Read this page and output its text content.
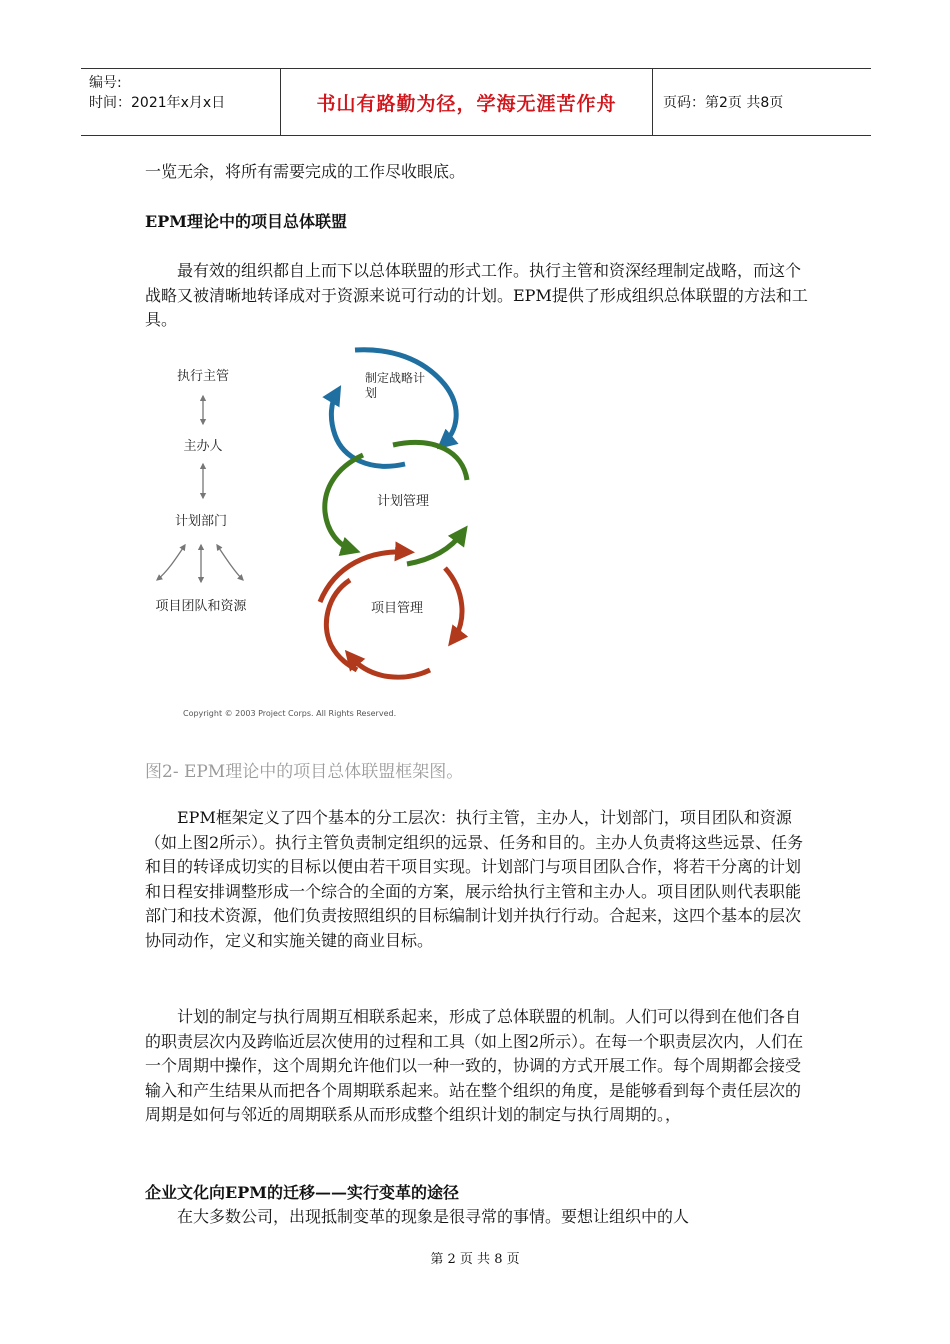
编号:
时间：2021年x月x日	书山有路勤为径，学海无涯苦作舟	页码：第2页 共8页

一览无余，将所有需要完成的工作尽收眼底。

EPM理论中的项目总体联盟

最有效的组织都自上而下以总体联盟的形式工作。执行主管和资深经理制定战略，而这个战略又被清晰地转译成对于资源来说可行动的计划。EPM提供了形成组织总体联盟的方法和工具。

执行主管
主办人
计划部门
项目团队和资源
制定战略计
划
计划管理
项目管理
Copyright © 2003 Project Corps. All Rights Reserved.

图2- EPM理论中的项目总体联盟框架图。

EPM框架定义了四个基本的分工层次：执行主管，主办人，计划部门，项目团队和资源（如上图2所示）。执行主管负责制定组织的远景、任务和目的。主办人负责将这些远景、任务和目的转译成切实的目标以便由若干项目实现。计划部门与项目团队合作，将若干分离的计划和日程安排调整形成一个综合的全面的方案，展示给执行主管和主办人。项目团队则代表职能部门和技术资源，他们负责按照组织的目标编制计划并执行行动。合起来，这四个基本的层次协同动作，定义和实施关键的商业目标。

计划的制定与执行周期互相联系起来，形成了总体联盟的机制。人们可以得到在他们各自的职责层次内及跨临近层次使用的过程和工具（如上图2所示）。在每一个职责层次内，人们在一个周期中操作，这个周期允许他们以一种一致的，协调的方式开展工作。每个周期都会接受输入和产生结果从而把各个周期联系起来。站在整个组织的角度，是能够看到每个责任层次的周期是如何与邻近的周期联系从而形成整个组织计划的制定与执行周期的。，

企业文化向EPM的迁移——实行变革的途径

在大多数公司，出现抵制变革的现象是很寻常的事情。要想让组织中的人

第 2 页 共 8 页
